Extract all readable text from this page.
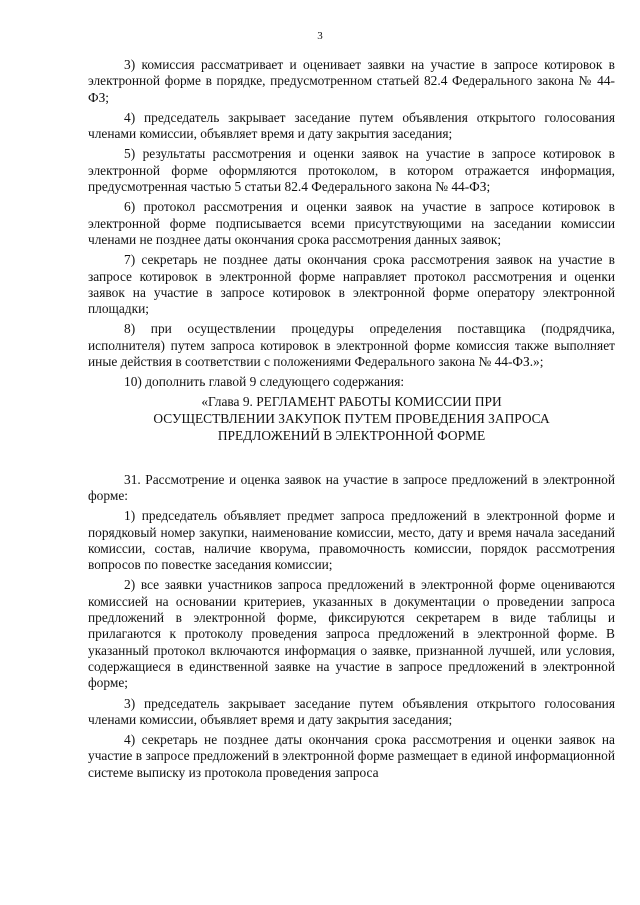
3

3) комиссия рассматривает и оценивает заявки на участие в запросе котировок в электронной форме в порядке, предусмотренном статьей 82.4 Федерального закона № 44-ФЗ;

4) председатель закрывает заседание путем объявления открытого голосования членами комиссии, объявляет время и дату закрытия заседания;

5) результаты рассмотрения и оценки заявок на участие в запросе котировок в электронной форме оформляются протоколом, в котором отражается информация, предусмотренная частью 5 статьи 82.4 Федерального закона № 44-ФЗ;

6) протокол рассмотрения и оценки заявок на участие в запросе котировок в электронной форме подписывается всеми присутствующими на заседании комиссии членами не позднее даты окончания срока рассмотрения данных заявок;

7) секретарь не позднее даты окончания срока рассмотрения заявок на участие в запросе котировок в электронной форме направляет протокол рассмотрения и оценки заявок на участие в запросе котировок в электронной форме оператору электронной площадки;

8) при осуществлении процедуры определения поставщика (подрядчика, исполнителя) путем запроса котировок в электронной форме комиссия также выполняет иные действия в соответствии с положениями Федерального закона № 44-ФЗ.»;

10) дополнить главой 9 следующего содержания:

«Глава 9. РЕГЛАМЕНТ РАБОТЫ КОМИССИИ ПРИ
ОСУЩЕСТВЛЕНИИ ЗАКУПОК ПУТЕМ ПРОВЕДЕНИЯ ЗАПРОСА
ПРЕДЛОЖЕНИЙ В ЭЛЕКТРОННОЙ ФОРМЕ

31. Рассмотрение и оценка заявок на участие в запросе предложений в электронной форме:

1) председатель объявляет предмет запроса предложений в электронной форме и порядковый номер закупки, наименование комиссии, место, дату и время начала заседаний комиссии, состав, наличие кворума, правомочность комиссии, порядок рассмотрения вопросов по повестке заседания комиссии;

2) все заявки участников запроса предложений в электронной форме оцениваются комиссией на основании критериев, указанных в документации о проведении запроса предложений в электронной форме, фиксируются секретарем в виде таблицы и прилагаются к протоколу проведения запроса предложений в электронной форме. В указанный протокол включаются информация о заявке, признанной лучшей, или условия, содержащиеся в единственной заявке на участие в запросе предложений в электронной форме;

3) председатель закрывает заседание путем объявления открытого голосования членами комиссии, объявляет время и дату закрытия заседания;

4) секретарь не позднее даты окончания срока рассмотрения и оценки заявок на участие в запросе предложений в электронной форме размещает в единой информационной системе выписку из протокола проведения запроса
